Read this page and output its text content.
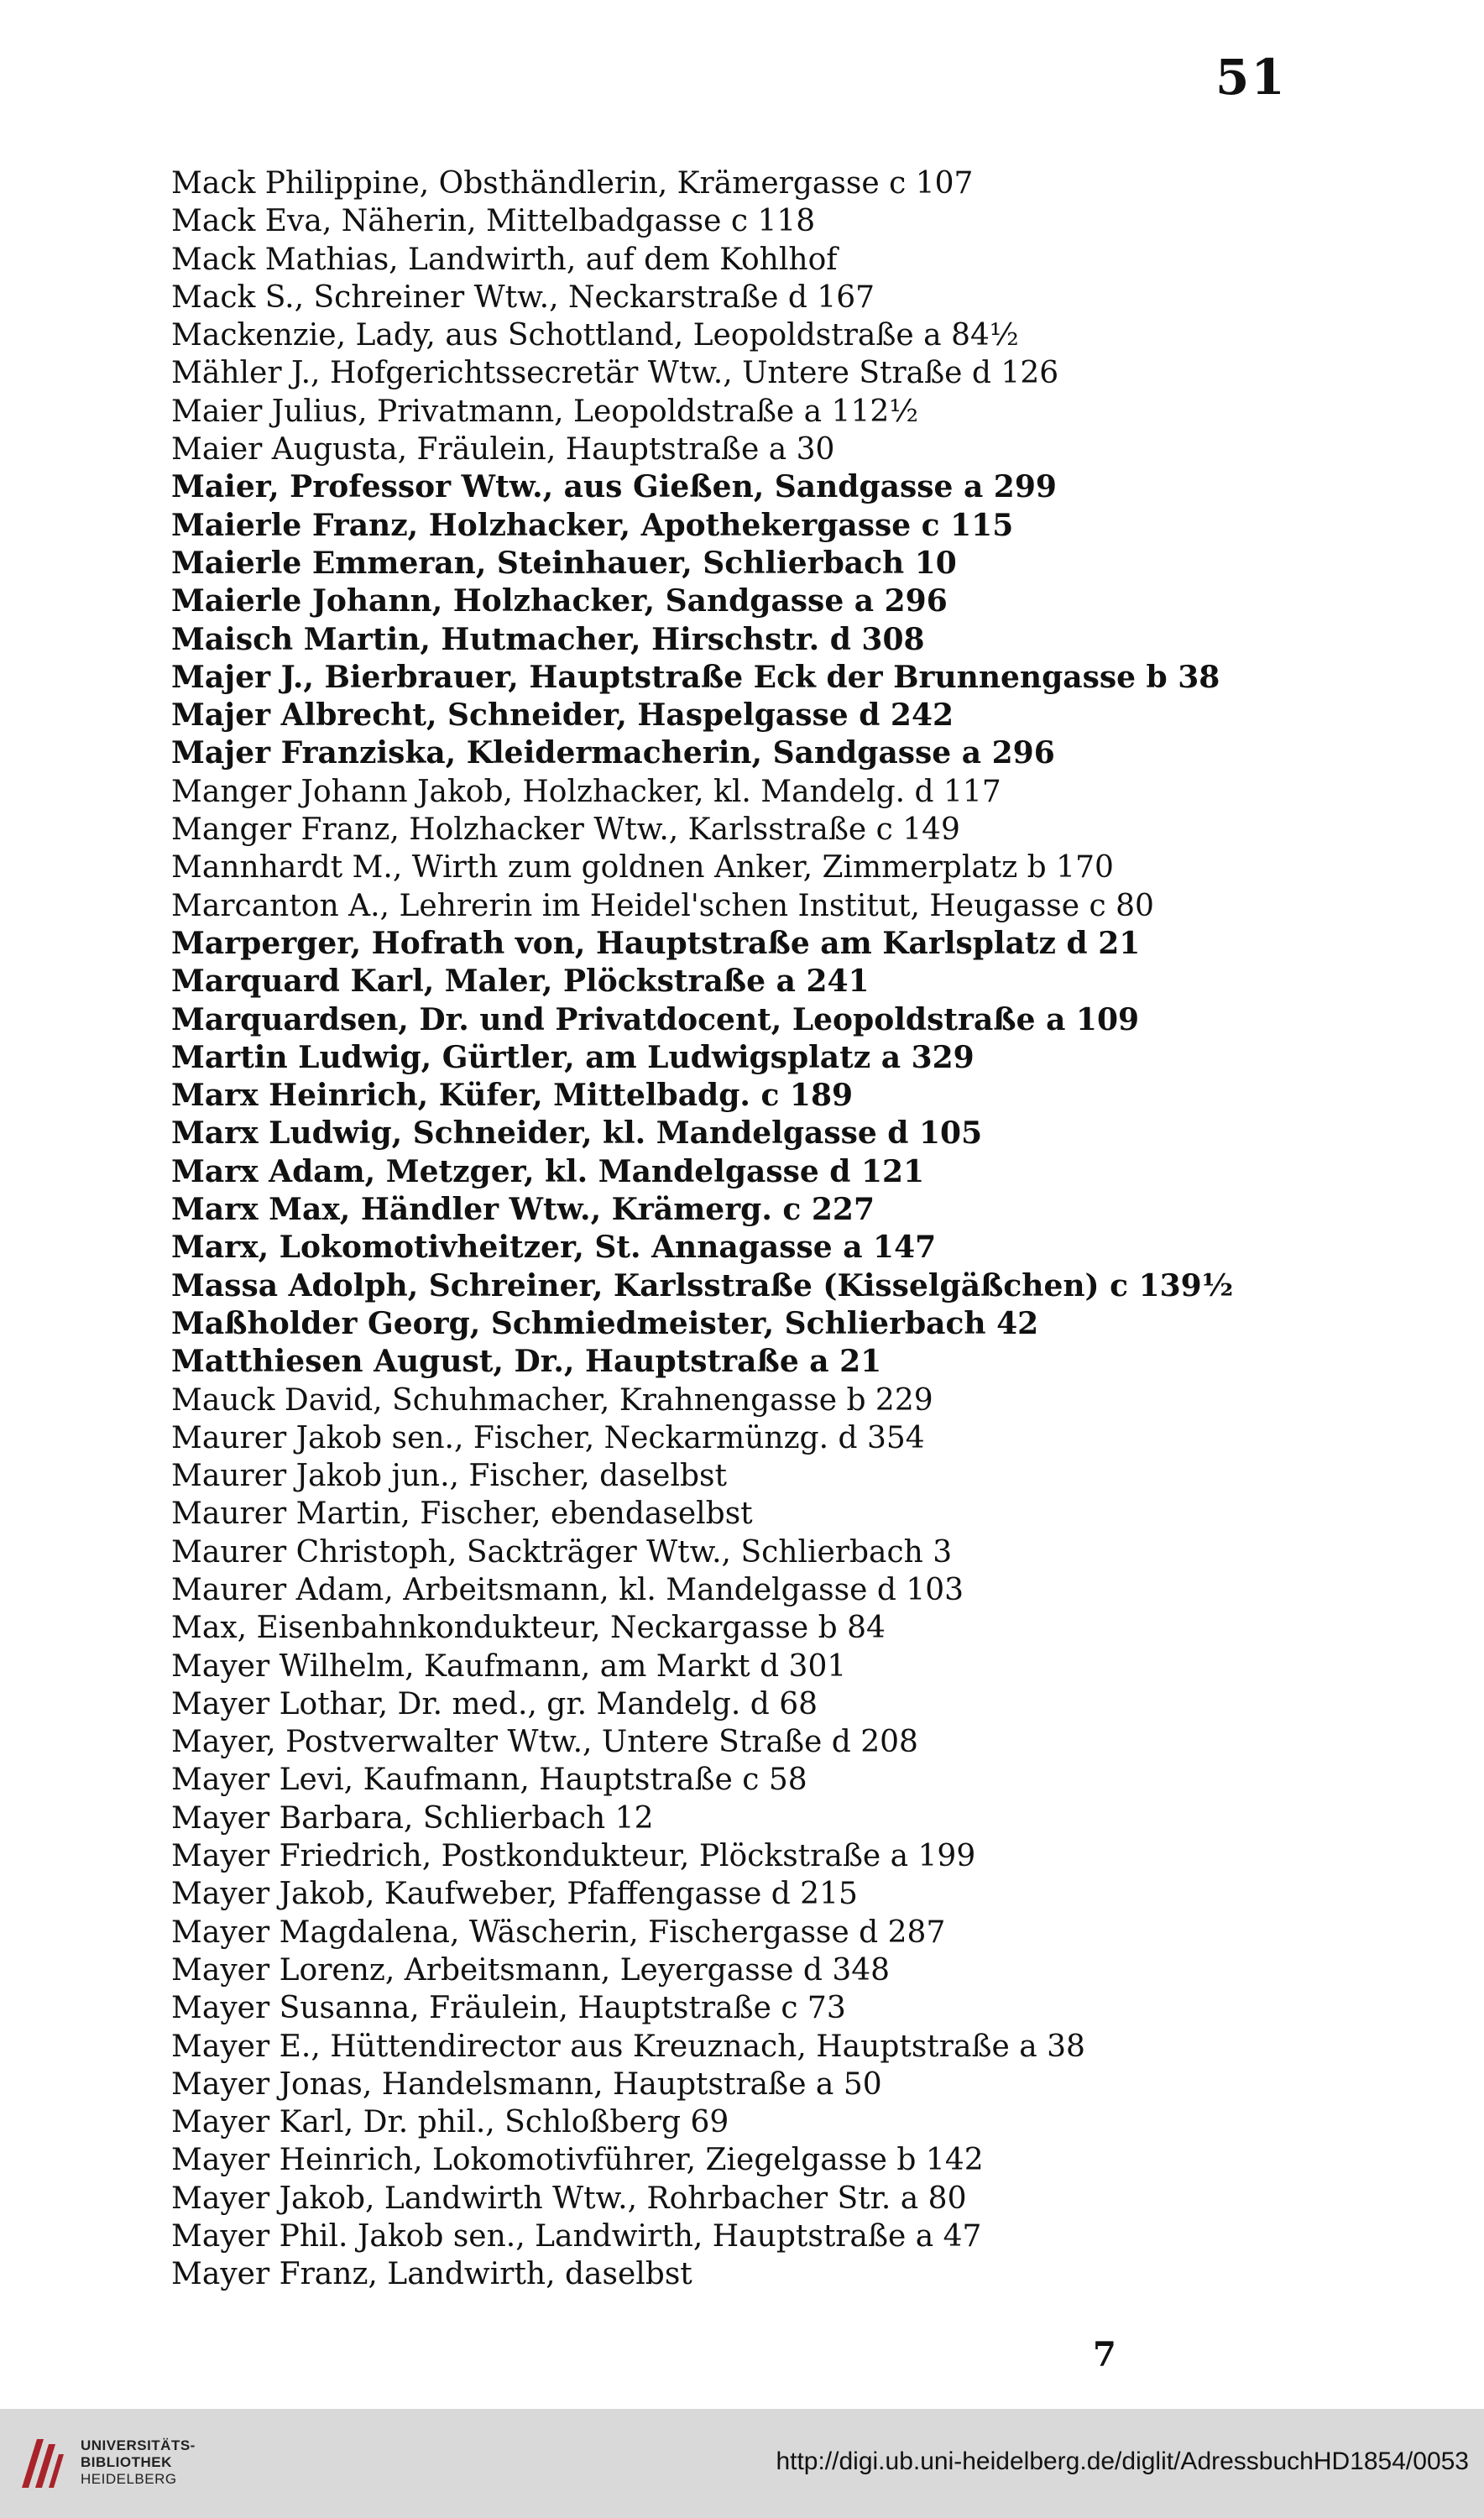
51
Mack Philippine, Obsthändlerin, Krämergasse c 107
Mack Eva, Näherin, Mittelbadgasse c 118
Mack Mathias, Landwirth, auf dem Kohlhof
Mack S., Schreiner Wtw., Neckarstraße d 167
Mackenzie, Lady, aus Schottland, Leopoldstraße a 84½
Mähler J., Hofgerichtssecretär Wtw., Untere Straße d 126
Maier Julius, Privatmann, Leopoldstraße a 112½
Maier Augusta, Fräulein, Hauptstraße a 30
Maier, Professor Wtw., aus Gießen, Sandgasse a 299
Maierle Franz, Holzhacker, Apothekergasse c 115
Maierle Emmeran, Steinhauer, Schlierbach 10
Maierle Johann, Holzhacker, Sandgasse a 296
Maisch Martin, Hutmacher, Hirschstr. d 308
Majer J., Bierbrauer, Hauptstraße Eck der Brunnengasse b 38
Majer Albrecht, Schneider, Haspelgasse d 242
Majer Franziska, Kleidermacherin, Sandgasse a 296
Manger Johann Jakob, Holzhacker, kl. Mandelg. d 117
Manger Franz, Holzhacker Wtw., Karlsstraße c 149
Mannhardt M., Wirth zum goldnen Anker, Zimmerplatz b 170
Marcanton A., Lehrerin im Heidel'schen Institut, Heugasse c 80
Marperger, Hofrath von, Hauptstraße am Karlsplatz d 21
Marquard Karl, Maler, Plöckstraße a 241
Marquardsen, Dr. und Privatdocent, Leopoldstraße a 109
Martin Ludwig, Gürtler, am Ludwigsplatz a 329
Marx Heinrich, Küfer, Mittelbadg. c 189
Marx Ludwig, Schneider, kl. Mandelgasse d 105
Marx Adam, Metzger, kl. Mandelgasse d 121
Marx Max, Händler Wtw., Krämerg. c 227
Marx, Lokomotivheitzer, St. Annagasse a 147
Massa Adolph, Schreiner, Karlsstraße (Kisselgäßchen) c 139½
Maßholder Georg, Schmiedmeister, Schlierbach 42
Matthiesen August, Dr., Hauptstraße a 21
Mauck David, Schuhmacher, Krahnengasse b 229
Maurer Jakob sen., Fischer, Neckarmünzg. d 354
Maurer Jakob jun., Fischer, daselbst
Maurer Martin, Fischer, ebendaselbst
Maurer Christoph, Sackträger Wtw., Schlierbach 3
Maurer Adam, Arbeitsmann, kl. Mandelgasse d 103
Max, Eisenbahnkondukteur, Neckargasse b 84
Mayer Wilhelm, Kaufmann, am Markt d 301
Mayer Lothar, Dr. med., gr. Mandelg. d 68
Mayer, Postverwalter Wtw., Untere Straße d 208
Mayer Levi, Kaufmann, Hauptstraße c 58
Mayer Barbara, Schlierbach 12
Mayer Friedrich, Postkondukteur, Plöckstraße a 199
Mayer Jakob, Kaufweber, Pfaffengasse d 215
Mayer Magdalena, Wäscherin, Fischergasse d 287
Mayer Lorenz, Arbeitsmann, Leyergasse d 348
Mayer Susanna, Fräulein, Hauptstraße c 73
Mayer E., Hüttendirector aus Kreuznach, Hauptstraße a 38
Mayer Jonas, Handelsmann, Hauptstraße a 50
Mayer Karl, Dr. phil., Schloßberg 69
Mayer Heinrich, Lokomotivführer, Ziegelgasse b 142
Mayer Jakob, Landwirth Wtw., Rohrbacher Str. a 80
Mayer Phil. Jakob sen., Landwirth, Hauptstraße a 47
Mayer Franz, Landwirth, daselbst
7
UNIVERSITÄTS-
BIBLIOTHEK
HEIDELBERG
http://digi.ub.uni-heidelberg.de/diglit/AdressbuchHD1854/0053
